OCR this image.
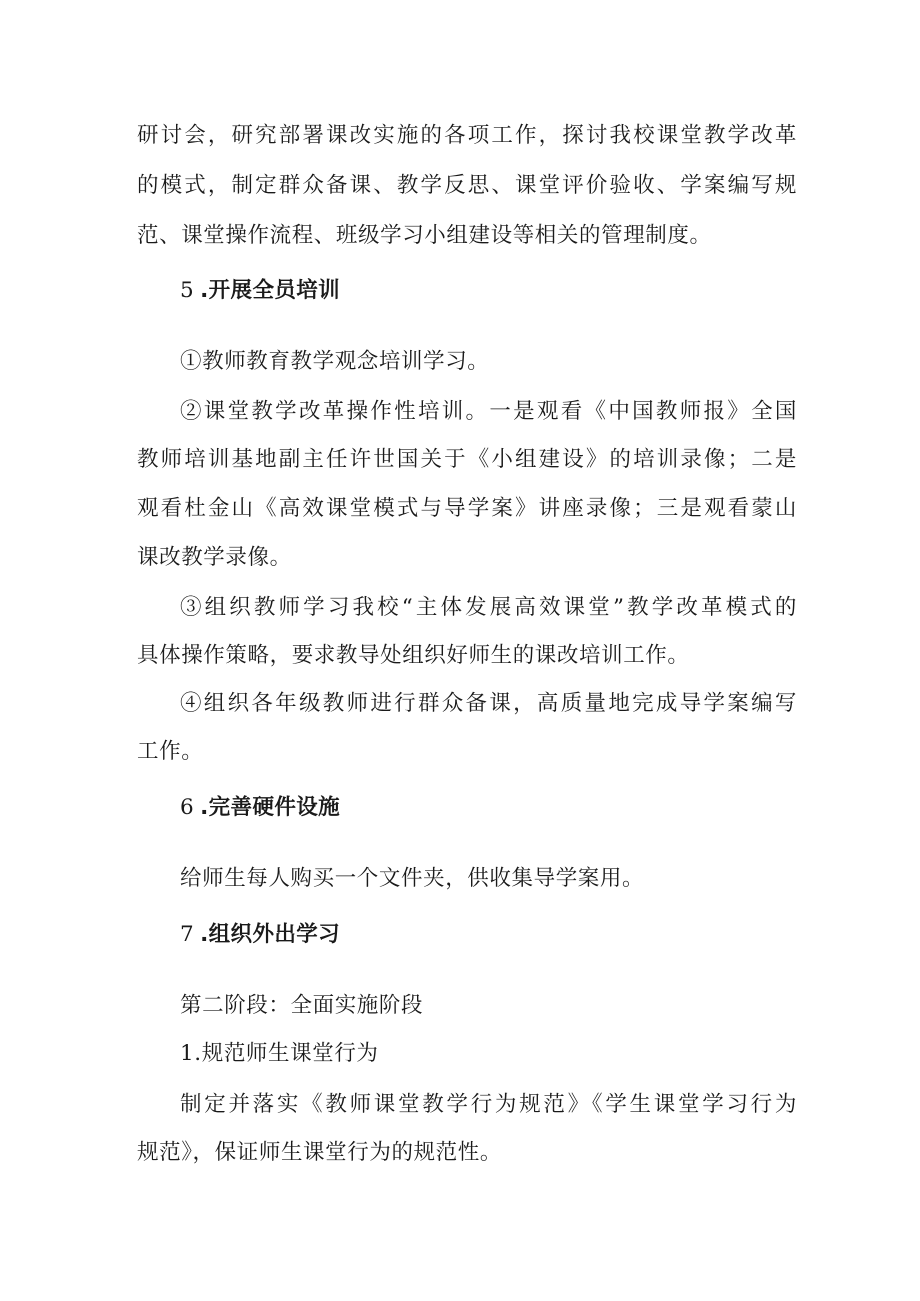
研讨会，研究部署课改实施的各项工作，探讨我校课堂教学改革
的模式，制定群众备课、教学反思、课堂评价验收、学案编写规
范、课堂操作流程、班级学习小组建设等相关的管理制度。
5 .开展全员培训
①教师教育教学观念培训学习。
②课堂教学改革操作性培训。一是观看《中国教师报》全国
教师培训基地副主任许世国关于《小组建设》的培训录像；二是
观看杜金山《高效课堂模式与导学案》讲座录像；三是观看蒙山
课改教学录像。
③组织教师学习我校“主体发展高效课堂”教学改革模式的
具体操作策略，要求教导处组织好师生的课改培训工作。
④组织各年级教师进行群众备课，高质量地完成导学案编写
工作。
6 .完善硬件设施
给师生每人购买一个文件夹，供收集导学案用。
7 .组织外出学习
第二阶段：全面实施阶段
1.规范师生课堂行为
制定并落实《教师课堂教学行为规范》《学生课堂学习行为
规范》，保证师生课堂行为的规范性。
